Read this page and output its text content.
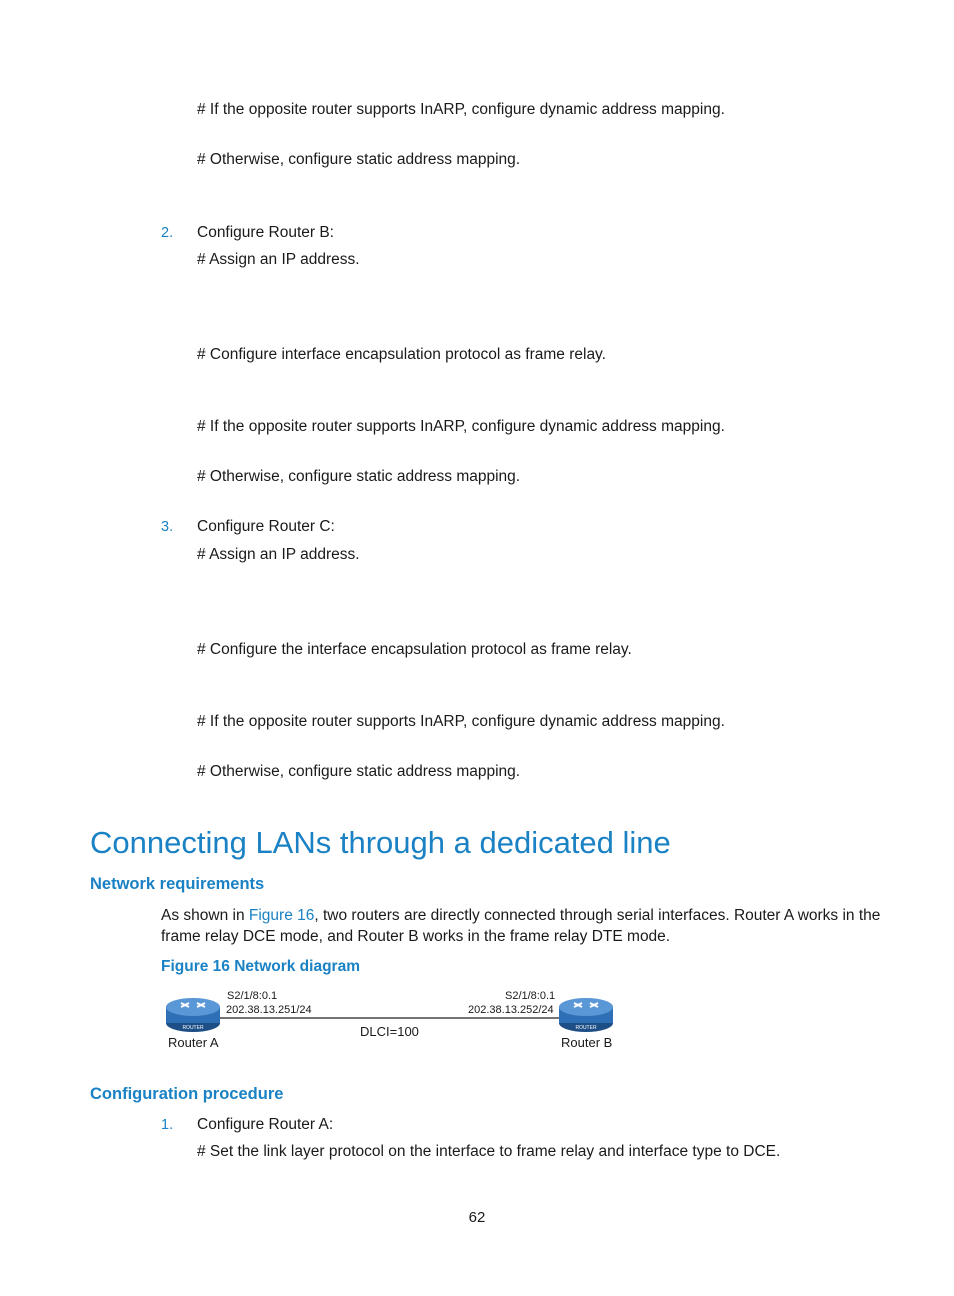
# If the opposite router supports InARP, configure dynamic address mapping.
# Otherwise, configure static address mapping.
2. Configure Router B:
# Assign an IP address.
# Configure interface encapsulation protocol as frame relay.
# If the opposite router supports InARP, configure dynamic address mapping.
# Otherwise, configure static address mapping.
3. Configure Router C:
# Assign an IP address.
# Configure the interface encapsulation protocol as frame relay.
# If the opposite router supports InARP, configure dynamic address mapping.
# Otherwise, configure static address mapping.
Connecting LANs through a dedicated line
Network requirements
As shown in Figure 16, two routers are directly connected through serial interfaces. Router A works in the frame relay DCE mode, and Router B works in the frame relay DTE mode.
Figure 16 Network diagram
ROUTER	ROUTER
S2/1/8:0.1
202.38.13.251/24
S2/1/8:0.1
202.38.13.252/24
DLCI=100
Router A	Router B
Configuration procedure
1. Configure Router A:
# Set the link layer protocol on the interface to frame relay and interface type to DCE.
62
